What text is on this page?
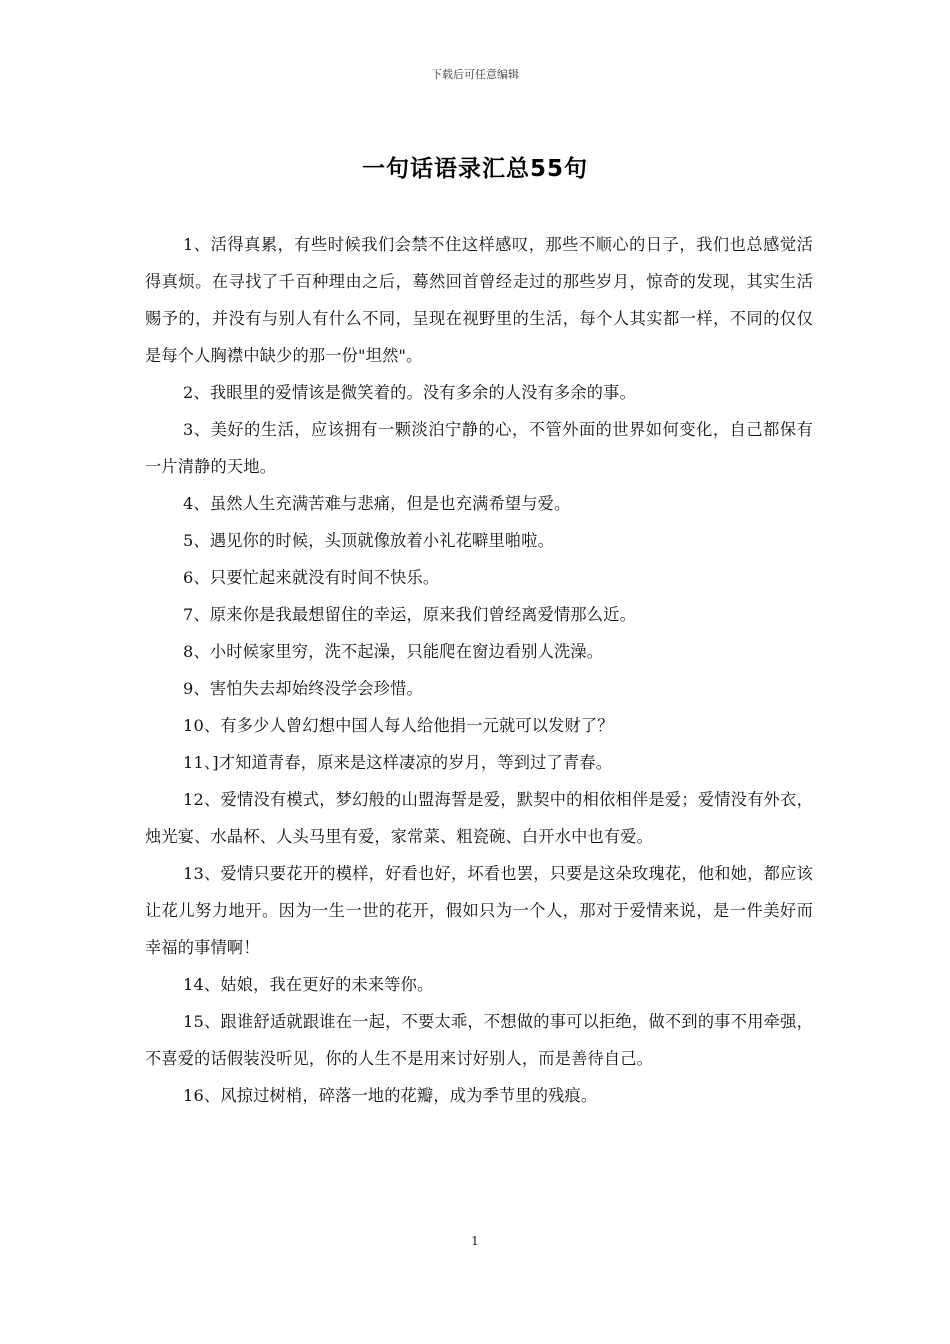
下载后可任意编辑
一句话语录汇总55句

1、活得真累，有些时候我们会禁不住这样感叹，那些不顺心的日子，我们也总感觉活得真烦。在寻找了千百种理由之后，蓦然回首曾经走过的那些岁月，惊奇的发现，其实生活赐予的，并没有与别人有什么不同，呈现在视野里的生活，每个人其实都一样，不同的仅仅是每个人胸襟中缺少的那一份"坦然"。

2、我眼里的爱情该是微笑着的。没有多余的人没有多余的事。

3、美好的生活，应该拥有一颗淡泊宁静的心，不管外面的世界如何变化，自己都保有一片清静的天地。

4、虽然人生充满苦难与悲痛，但是也充满希望与爱。

5、遇见你的时候，头顶就像放着小礼花噼里啪啦。

6、只要忙起来就没有时间不快乐。

7、原来你是我最想留住的幸运，原来我们曾经离爱情那么近。

8、小时候家里穷，洗不起澡，只能爬在窗边看别人洗澡。

9、害怕失去却始终没学会珍惜。

10、有多少人曾幻想中国人每人给他捐一元就可以发财了？

11、]才知道青春，原来是这样凄凉的岁月，等到过了青春。

12、爱情没有模式，梦幻般的山盟海誓是爱，默契中的相依相伴是爱；爱情没有外衣，烛光宴、水晶杯、人头马里有爱，家常菜、粗瓷碗、白开水中也有爱。

13、爱情只要花开的模样，好看也好，坏看也罢，只要是这朵玫瑰花，他和她，都应该让花儿努力地开。因为一生一世的花开，假如只为一个人，那对于爱情来说，是一件美好而幸福的事情啊！

14、姑娘，我在更好的未来等你。

15、跟谁舒适就跟谁在一起，不要太乖，不想做的事可以拒绝，做不到的事不用牵强，不喜爱的话假装没听见，你的人生不是用来讨好别人，而是善待自己。

16、风掠过树梢，碎落一地的花瓣，成为季节里的残痕。

1
